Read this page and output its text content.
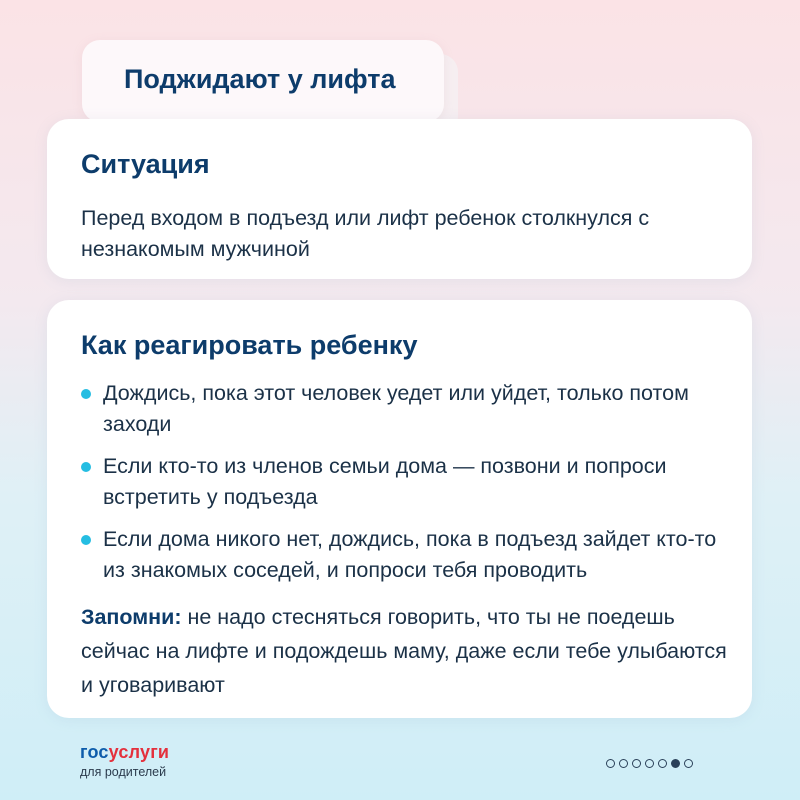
Поджидают у лифта
Ситуация
Перед входом в подъезд или лифт ребенок столкнулся с незнакомым мужчиной
Как реагировать ребенку
Дождись, пока этот человек уедет или уйдет, только потом заходи
Если кто-то из членов семьи дома — позвони и попроси встретить у подъезда
Если дома никого нет, дождись, пока в подъезд зайдет кто-то из знакомых соседей, и попроси тебя проводить
Запомни: не надо стесняться говорить, что ты не поедешь сейчас на лифте и подождешь маму, даже если тебе улыбаются и уговаривают
госуслуги
для родителей
